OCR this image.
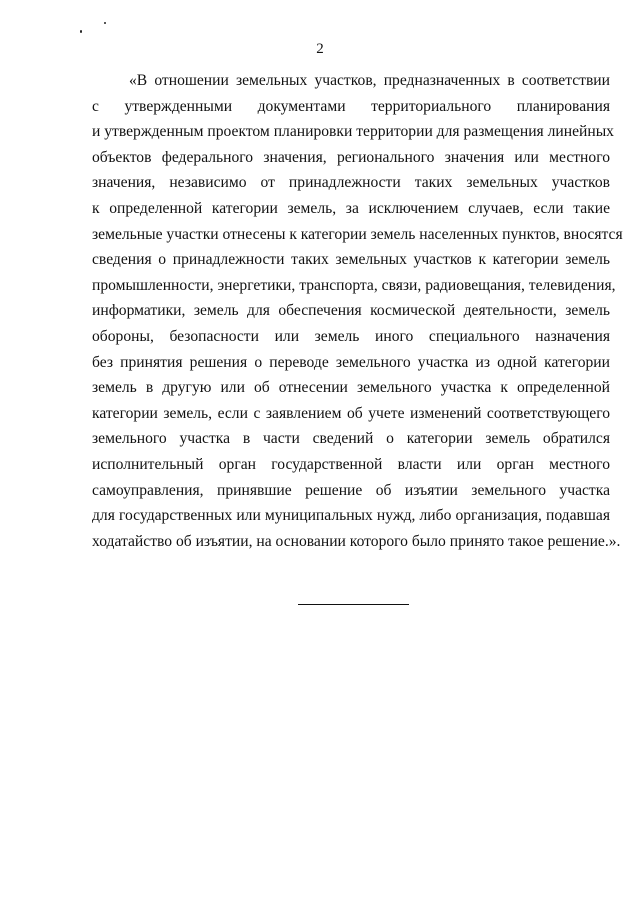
2
«В отношении земельных участков, предназначенных в соответствии
с утвержденными документами территориального планирования
и утвержденным проектом планировки территории для размещения линейных
объектов федерального значения, регионального значения или местного
значения, независимо от принадлежности таких земельных участков
к определенной категории земель, за исключением случаев, если такие
земельные участки отнесены к категории земель населенных пунктов, вносятся
сведения о принадлежности таких земельных участков к категории земель
промышленности, энергетики, транспорта, связи, радиовещания, телевидения,
информатики, земель для обеспечения космической деятельности, земель
обороны, безопасности или земель иного специального назначения
без принятия решения о переводе земельного участка из одной категории
земель в другую или об отнесении земельного участка к определенной
категории земель, если с заявлением об учете изменений соответствующего
земельного участка в части сведений о категории земель обратился
исполнительный орган государственной власти или орган местного
самоуправления, принявшие решение об изъятии земельного участка
для государственных или муниципальных нужд, либо организация, подавшая
ходатайство об изъятии, на основании которого было принято такое решение.».
